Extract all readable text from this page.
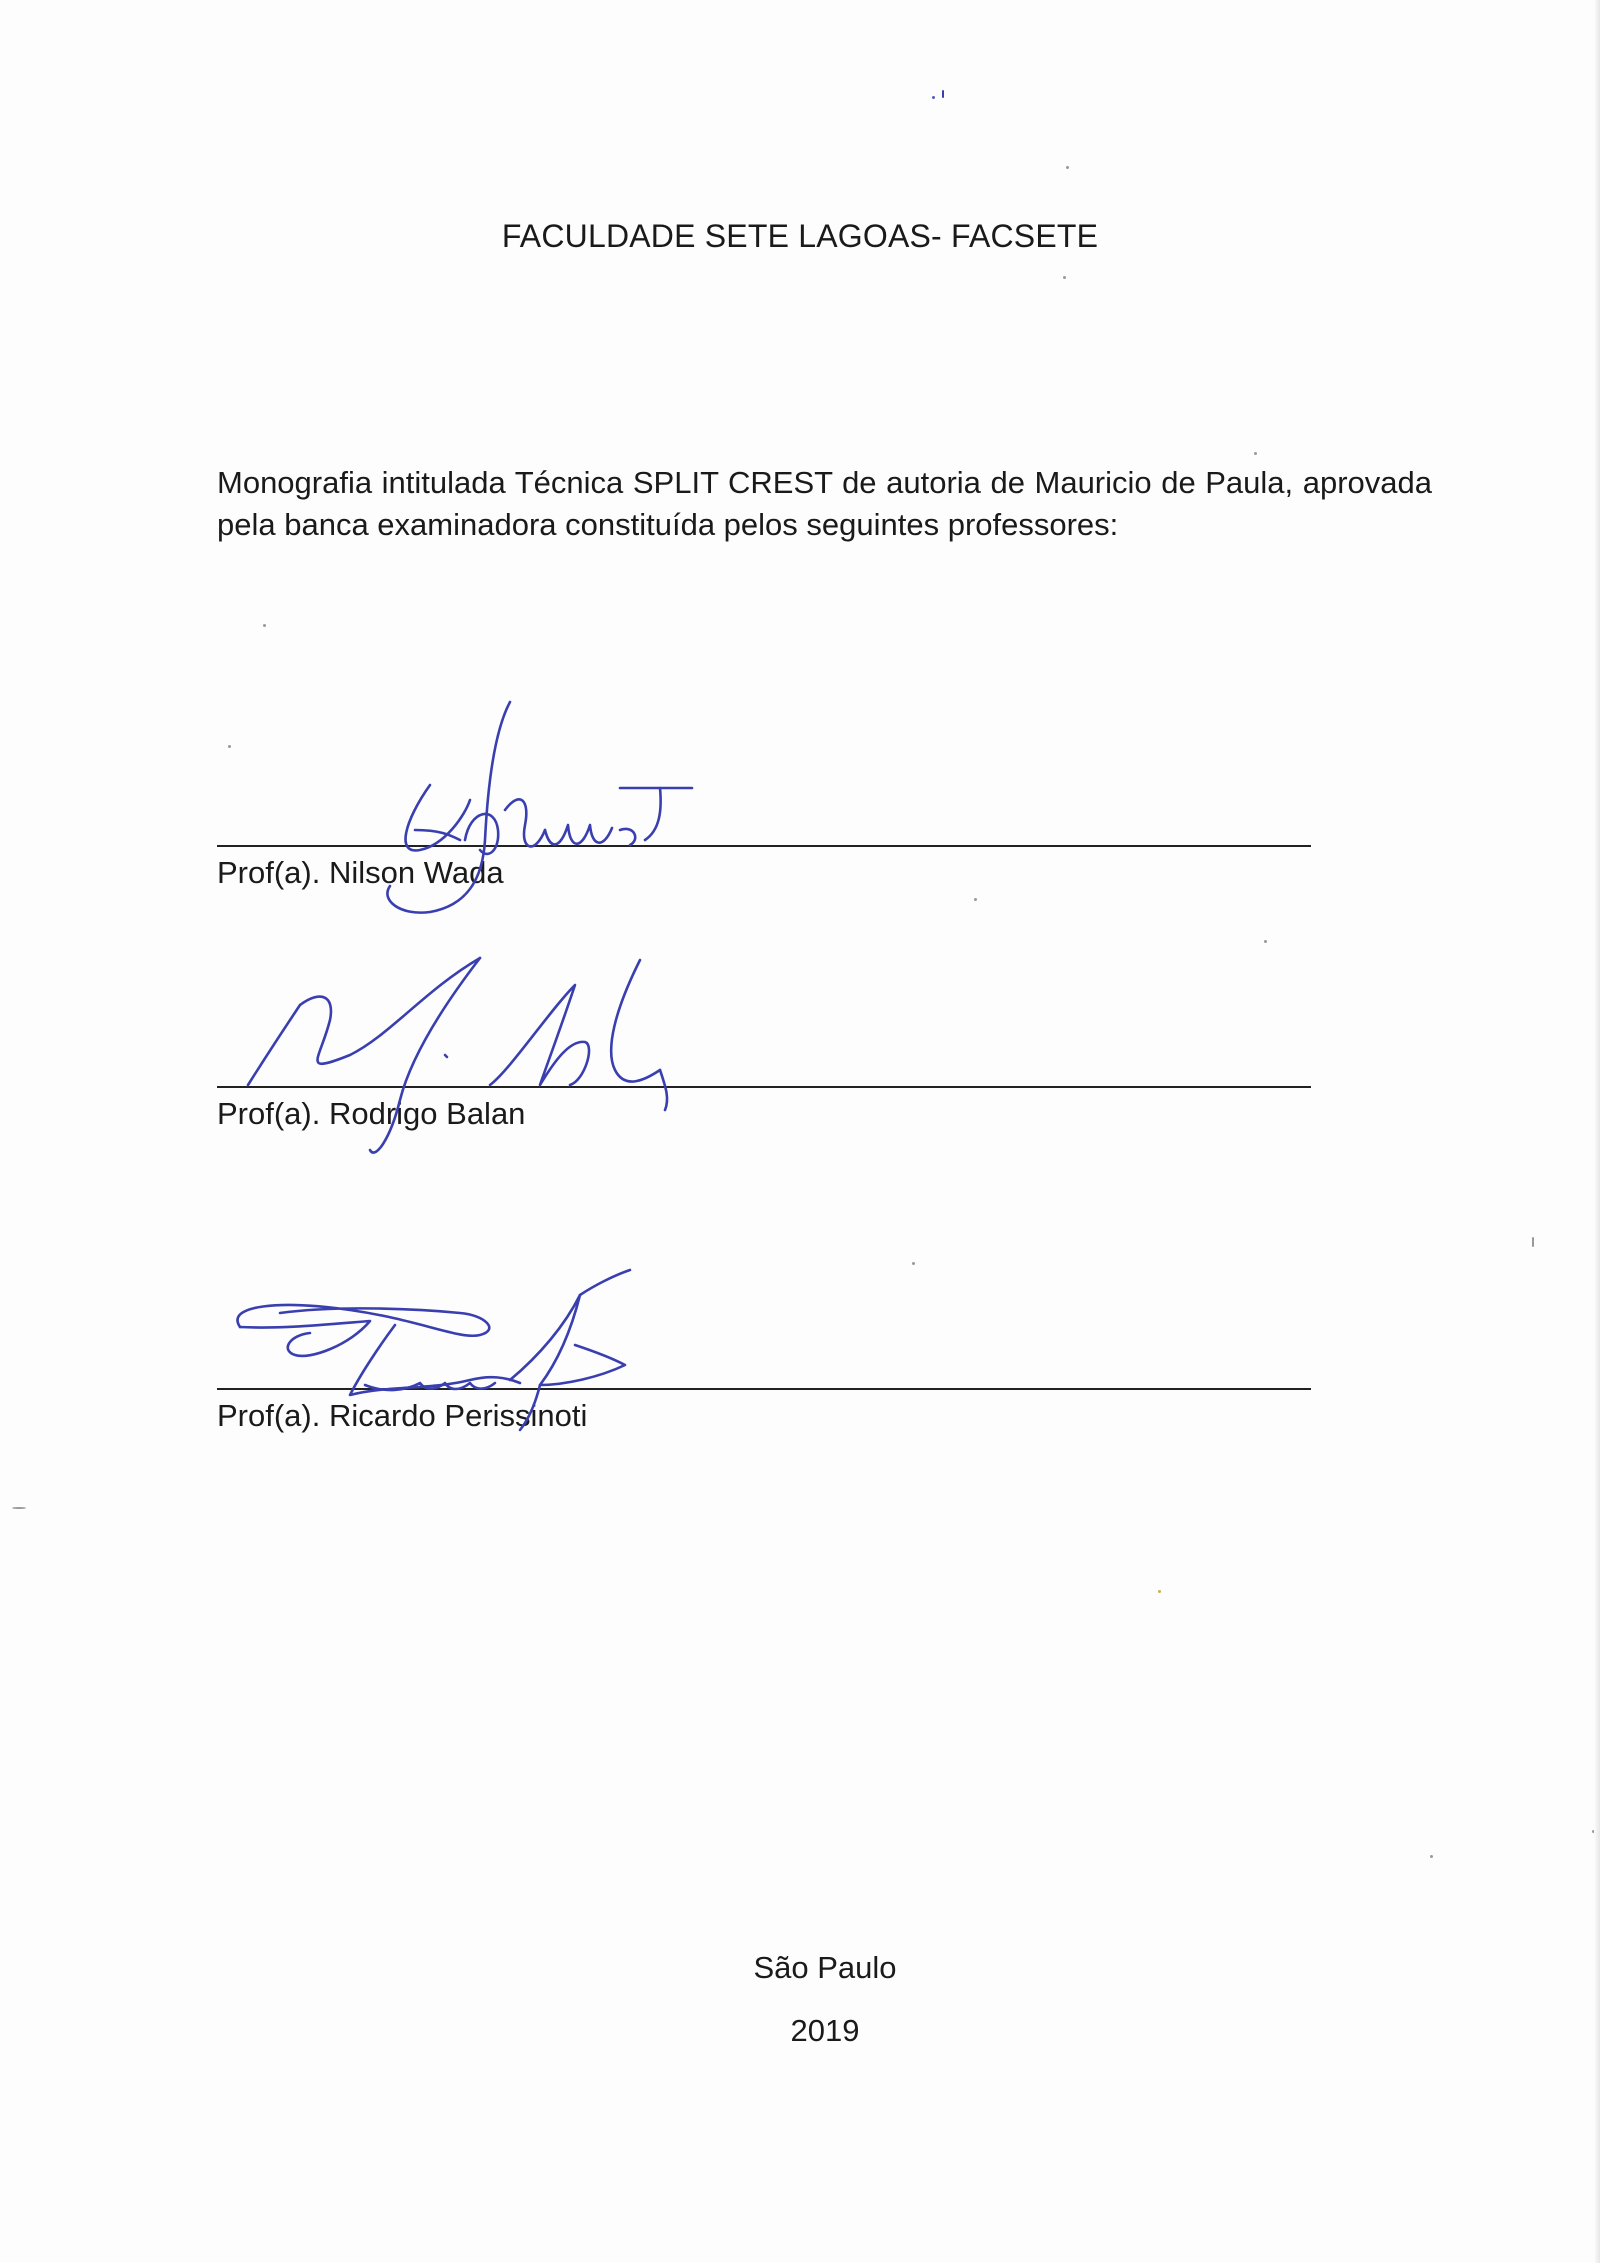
FACULDADE SETE LAGOAS- FACSETE
Monografia intitulada Técnica SPLIT CREST de autoria de Mauricio de Paula, aprovada pela banca examinadora constituída pelos seguintes professores:
Prof(a). Nilson Wada
Prof(a). Rodrigo Balan
Prof(a). Ricardo Perissinoti
São Paulo
2019
